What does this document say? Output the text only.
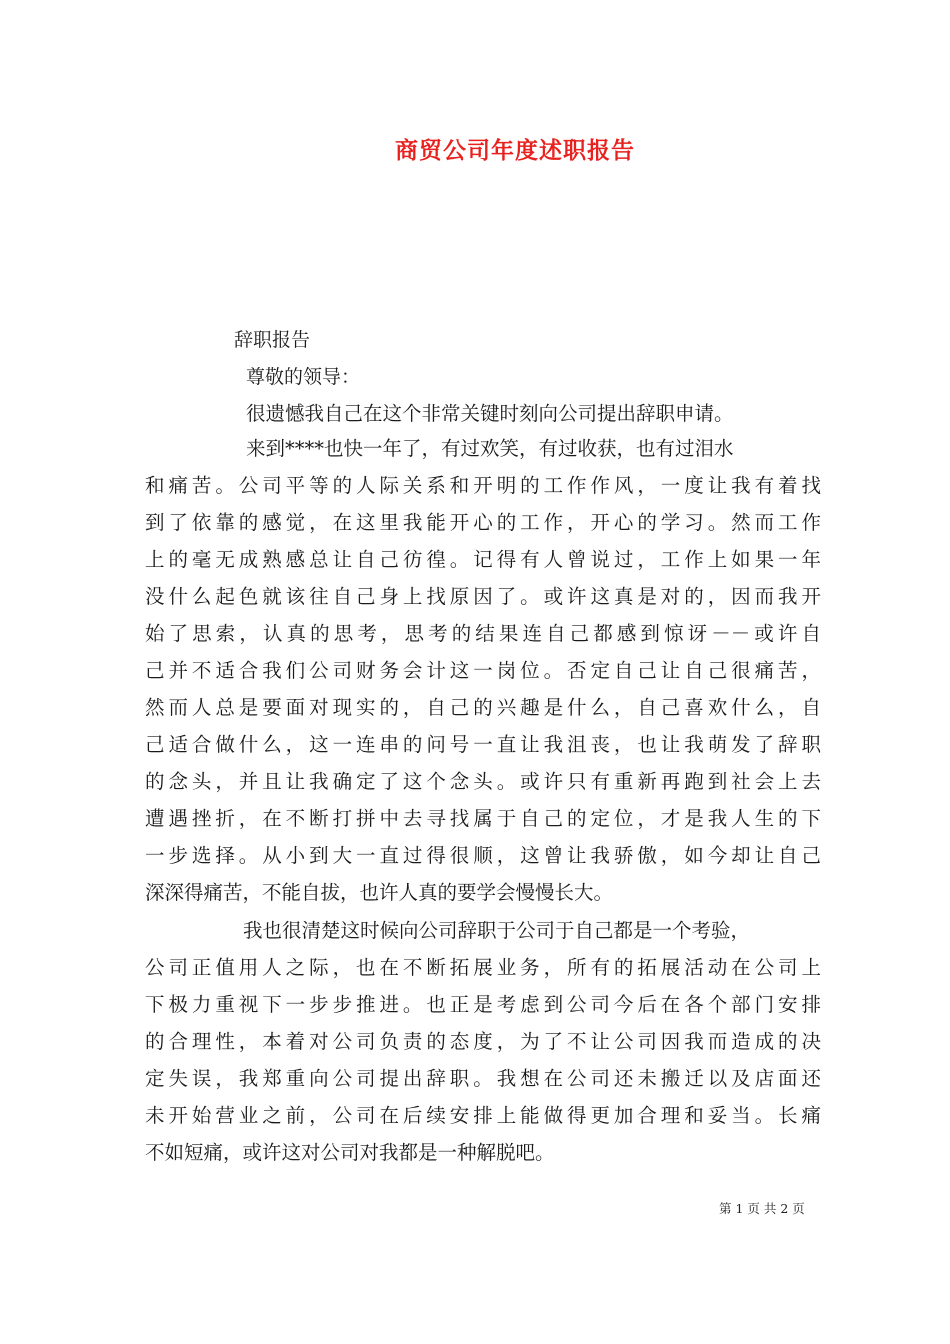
商贸公司年度述职报告
辞职报告
尊敬的领导：
很遗憾我自己在这个非常关键时刻向公司提出辞职申请。
来到****也快一年了，有过欢笑，有过收获，也有过泪水
和痛苦。公司平等的人际关系和开明的工作作风，一度让我有着找
到了依靠的感觉，在这里我能开心的工作，开心的学习。然而工作
上的毫无成熟感总让自己彷徨。记得有人曾说过，工作上如果一年
没什么起色就该往自己身上找原因了。或许这真是对的，因而我开
始了思索，认真的思考，思考的结果连自己都感到惊讶－－或许自
己并不适合我们公司财务会计这一岗位。否定自己让自己很痛苦，
然而人总是要面对现实的，自己的兴趣是什么，自己喜欢什么，自
己适合做什么，这一连串的问号一直让我沮丧，也让我萌发了辞职
的念头，并且让我确定了这个念头。或许只有重新再跑到社会上去
遭遇挫折，在不断打拼中去寻找属于自己的定位，才是我人生的下
一步选择。从小到大一直过得很顺，这曾让我骄傲，如今却让自己
深深得痛苦，不能自拔，也许人真的要学会慢慢长大。
我也很清楚这时候向公司辞职于公司于自己都是一个考验，
公司正值用人之际，也在不断拓展业务，所有的拓展活动在公司上
下极力重视下一步步推进。也正是考虑到公司今后在各个部门安排
的合理性，本着对公司负责的态度，为了不让公司因我而造成的决
定失误，我郑重向公司提出辞职。我想在公司还未搬迁以及店面还
未开始营业之前，公司在后续安排上能做得更加合理和妥当。长痛
不如短痛，或许这对公司对我都是一种解脱吧。
第 1 页 共 2 页
